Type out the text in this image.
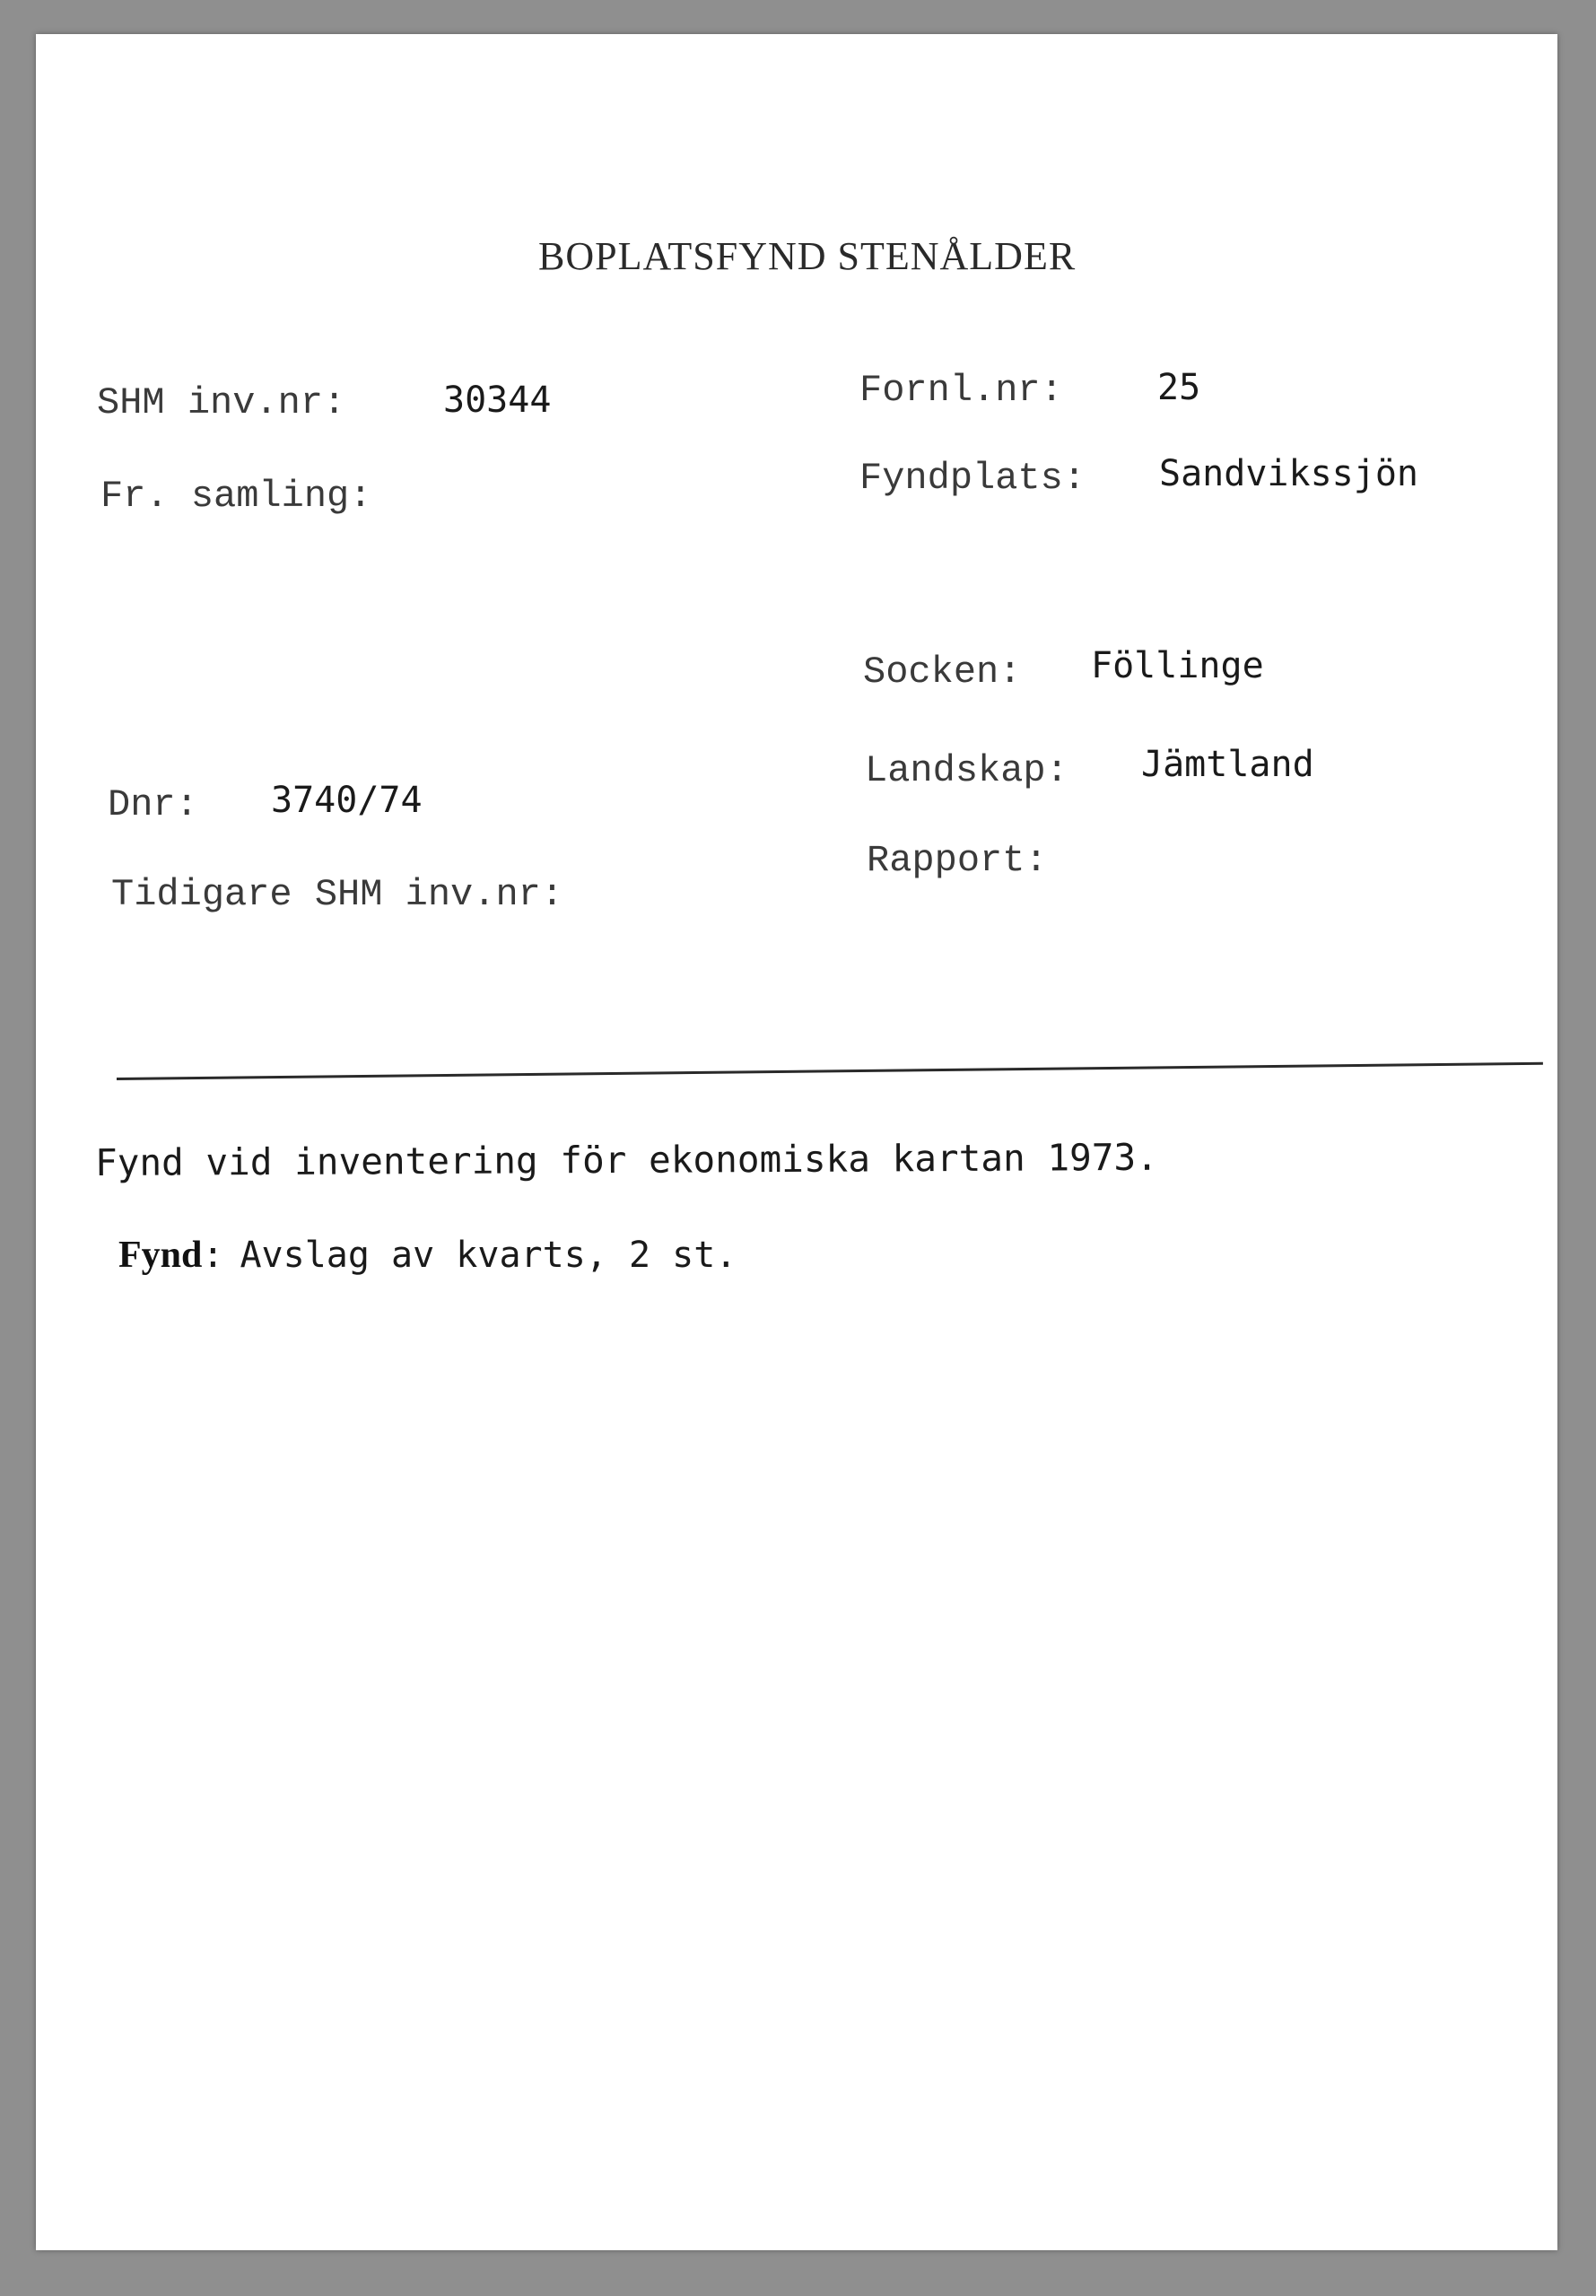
BOPLATSFYND STENÅLDER
SHM inv.nr:	30344
Fr. samling:
Dnr: 3740/74
Tidigare SHM inv.nr:
Fornl.nr:	25
Fyndplats: Sandvikssjön
Socken: Föllinge
Landskap: Jämtland
Rapport:
Fynd vid inventering för ekonomiska kartan 1973.
Fynd: Avslag av kvarts, 2 st.
